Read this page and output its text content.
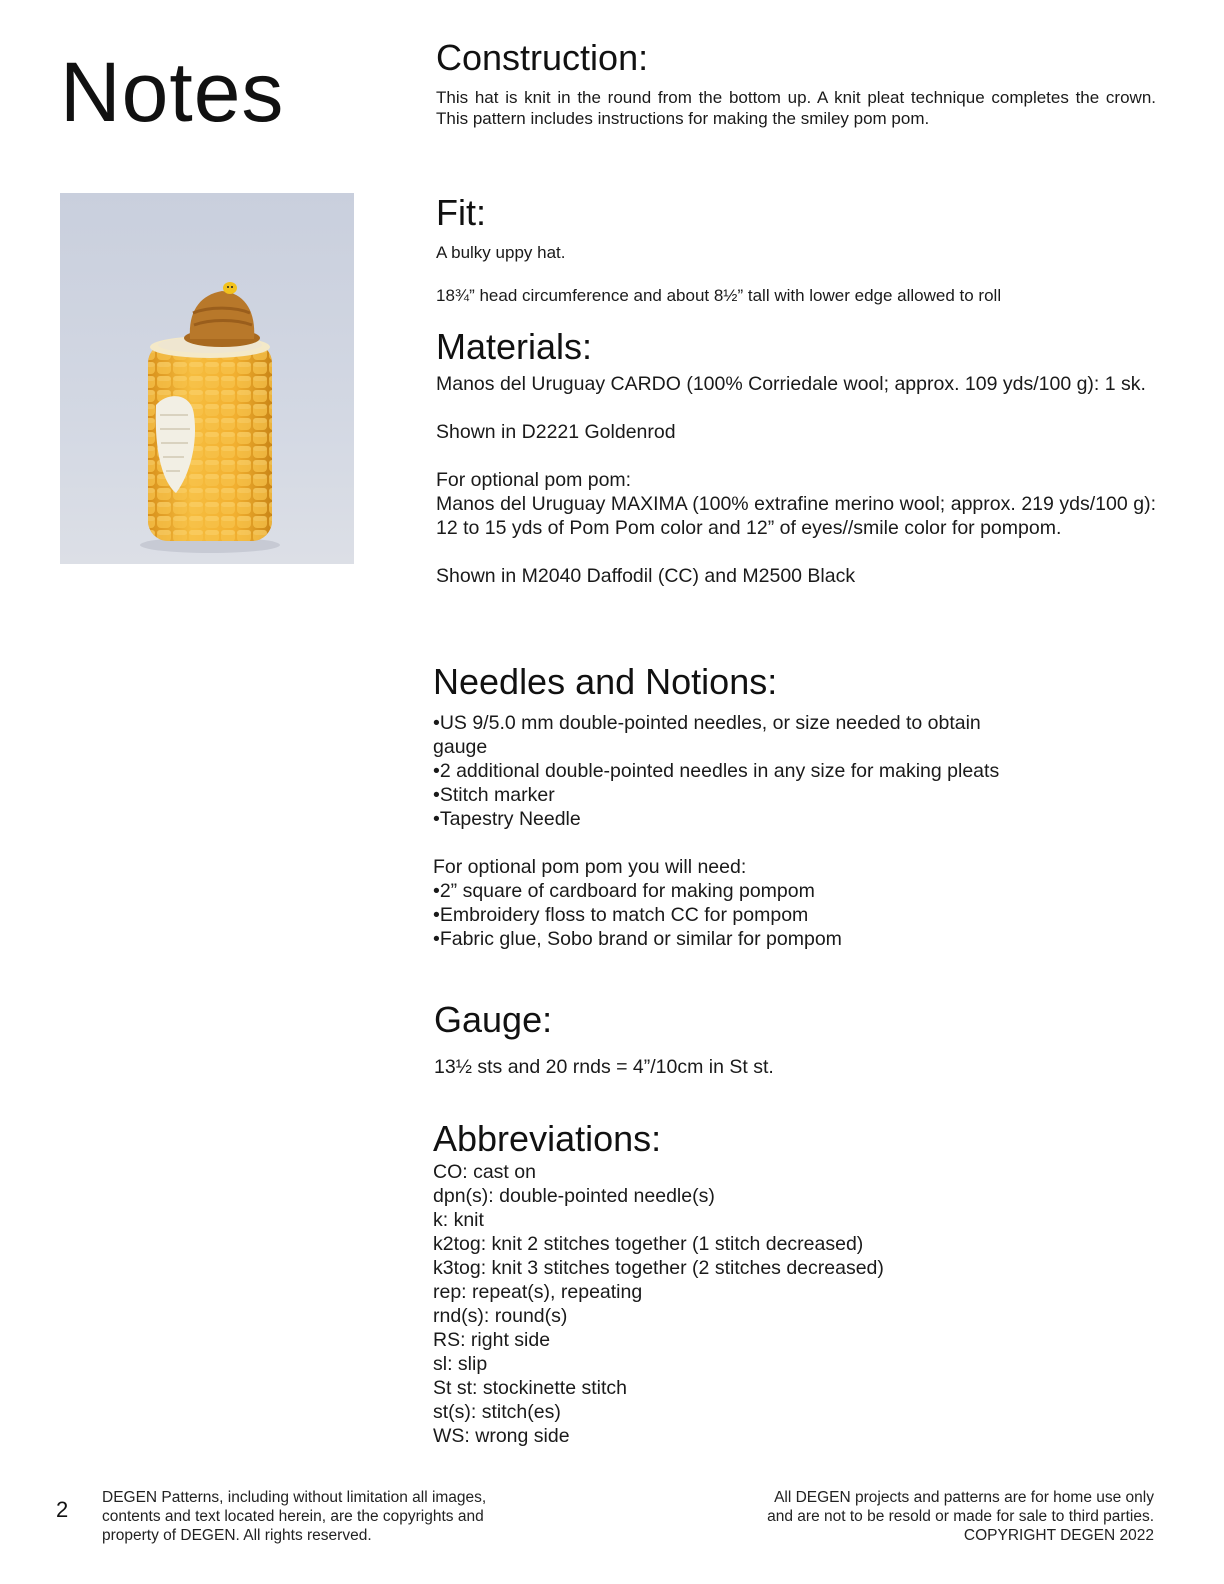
Notes	Construction:

This hat is knit in the round from the bottom up. A knit pleat technique completes the crown. This pattern includes instructions for making the smiley pom pom.

Fit:

A bulky uppy hat.

18¾” head circumference and about 8½” tall with lower edge allowed to roll

Materials:

Manos del Uruguay CARDO (100% Corriedale wool; approx. 109 yds/100 g): 1 sk.

Shown in D2221 Goldenrod

For optional pom pom:

Manos del Uruguay MAXIMA (100% extrafine merino wool; approx. 219 yds/100 g): 12 to 15 yds of Pom Pom color and 12” of eyes//smile color for pompom.

Shown in M2040 Daffodil (CC) and M2500 Black

Needles and Notions:

•US 9/5.0 mm double-pointed needles, or size needed to obtain gauge

•2 additional double-pointed needles in any size for making pleats

•Stitch marker

•Tapestry Needle

For optional pom pom you will need:

•2” square of cardboard for making pompom

•Embroidery floss to match CC for pompom

•Fabric glue, Sobo brand or similar for pompom

Gauge:

13½ sts and 20 rnds = 4”/10cm in St st.

Abbreviations:

CO: cast on

dpn(s): double-pointed needle(s)

k: knit

k2tog: knit 2 stitches together (1 stitch decreased)

k3tog: knit 3 stitches together (2 stitches decreased)

rep: repeat(s), repeating

rnd(s): round(s)

RS: right side

sl: slip

St st: stockinette stitch

st(s): stitch(es)

WS: wrong side

2 DEGEN Patterns, including without limitation all images,
contents and text located herein, are the copyrights and
property of DEGEN. All rights reserved.
All DEGEN projects and patterns are for home use only
and are not to be resold or made for sale to third parties.
COPYRIGHT DEGEN 2022
